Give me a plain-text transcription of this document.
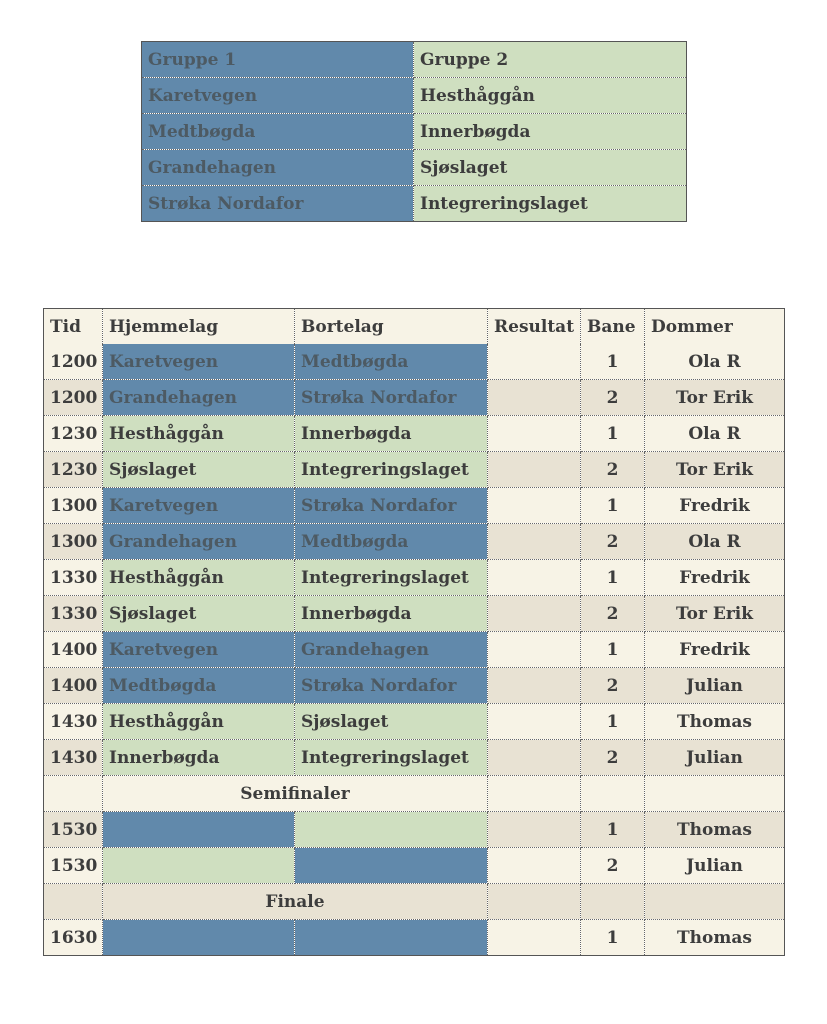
Gruppe 1	Gruppe 2
Karetvegen	Hesthåggån
Medtbøgda	Innerbøgda
Grandehagen	Sjøslaget
Strøka Nordafor	Integreringslaget
Tid	Hjemmelag	Bortelag	Resultat	Bane	Dommer
1200	Karetvegen	Medtbøgda		1	Ola R
1200	Grandehagen	Strøka Nordafor		2	Tor Erik
1230	Hesthåggån	Innerbøgda		1	Ola R
1230	Sjøslaget	Integreringslaget		2	Tor Erik
1300	Karetvegen	Strøka Nordafor		1	Fredrik
1300	Grandehagen	Medtbøgda		2	Ola R
1330	Hesthåggån	Integreringslaget		1	Fredrik
1330	Sjøslaget	Innerbøgda		2	Tor Erik
1400	Karetvegen	Grandehagen		1	Fredrik
1400	Medtbøgda	Strøka Nordafor		2	Julian
1430	Hesthåggån	Sjøslaget		1	Thomas
1430	Innerbøgda	Integreringslaget		2	Julian
	Semifinaler				
1530				1	Thomas
1530				2	Julian
	Finale				
1630				1	Thomas
